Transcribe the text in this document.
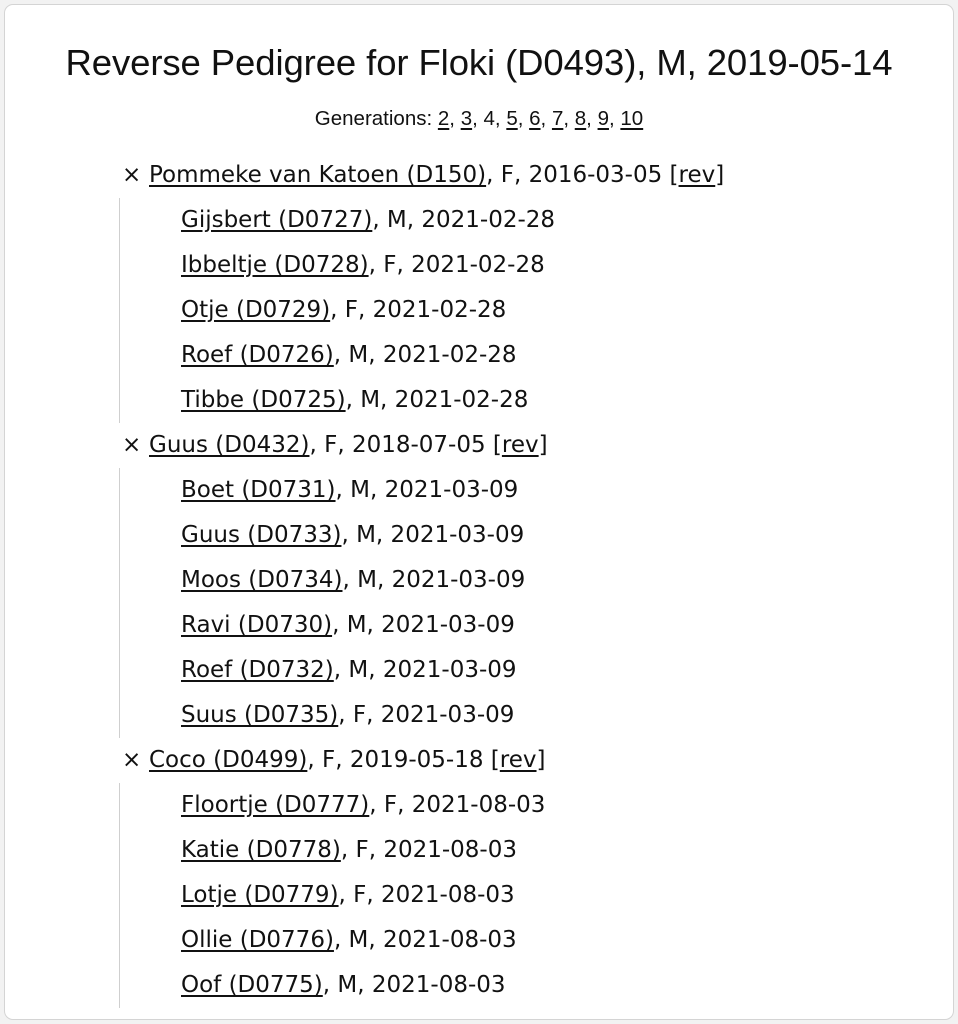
Reverse Pedigree for Floki (D0493), M, 2019-05-14
Generations: 2, 3, 4, 5, 6, 7, 8, 9, 10
× Pommeke van Katoen (D150), F, 2016-03-05 [rev]
Gijsbert (D0727), M, 2021-02-28
Ibbeltje (D0728), F, 2021-02-28
Otje (D0729), F, 2021-02-28
Roef (D0726), M, 2021-02-28
Tibbe (D0725), M, 2021-02-28
× Guus (D0432), F, 2018-07-05 [rev]
Boet (D0731), M, 2021-03-09
Guus (D0733), M, 2021-03-09
Moos (D0734), M, 2021-03-09
Ravi (D0730), M, 2021-03-09
Roef (D0732), M, 2021-03-09
Suus (D0735), F, 2021-03-09
× Coco (D0499), F, 2019-05-18 [rev]
Floortje (D0777), F, 2021-08-03
Katie (D0778), F, 2021-08-03
Lotje (D0779), F, 2021-08-03
Ollie (D0776), M, 2021-08-03
Oof (D0775), M, 2021-08-03
